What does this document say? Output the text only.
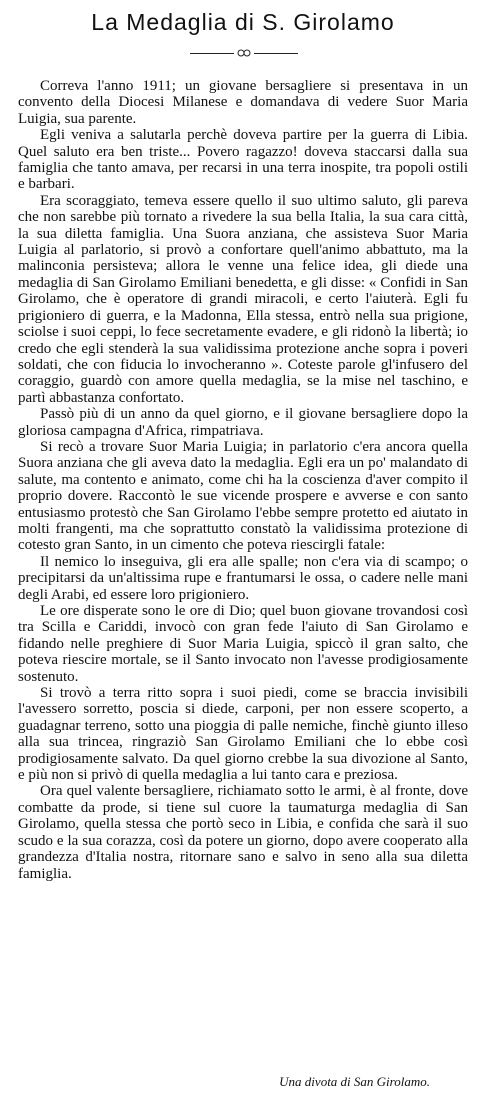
La Medaglia di S. Girolamo

Correva l'anno 1911; un giovane bersagliere si presentava in un convento della Diocesi Milanese e domandava di vedere Suor Maria Luigia, sua parente.

Egli veniva a salutarla perchè doveva partire per la guerra di Libia. Quel saluto era ben triste... Povero ragazzo! doveva staccarsi dalla sua famiglia che tanto amava, per recarsi in una terra inospite, tra popoli ostili e barbari.

Era scoraggiato, temeva essere quello il suo ultimo saluto, gli pareva che non sarebbe più tornato a rivedere la sua bella Italia, la sua cara città, la sua diletta famiglia. Una Suora anziana, che assisteva Suor Maria Luigia al parlatorio, si provò a confortare quell'animo abbattuto, ma la malinconia persisteva; allora le venne una felice idea, gli diede una medaglia di San Girolamo Emiliani benedetta, e gli disse: « Confidi in San Girolamo, che è operatore di grandi miracoli, e certo l'aiuterà. Egli fu prigioniero di guerra, e la Madonna, Ella stessa, entrò nella sua prigione, sciolse i suoi ceppi, lo fece secretamente evadere, e gli ridonò la libertà; io credo che egli stenderà la sua validissima protezione anche sopra i poveri soldati, che con fiducia lo invocheranno ». Coteste parole gl'infusero del coraggio, guardò con amore quella medaglia, se la mise nel taschino, e partì abbastanza confortato.

Passò più di un anno da quel giorno, e il giovane bersagliere dopo la gloriosa campagna d'Africa, rimpatriava.

Si recò a trovare Suor Maria Luigia; in parlatorio c'era ancora quella Suora anziana che gli aveva dato la medaglia. Egli era un po' malandato di salute, ma contento e animato, come chi ha la coscienza d'aver compito il proprio dovere. Raccontò le sue vicende prospere e avverse e con santo entusiasmo protestò che San Girolamo l'ebbe sempre protetto ed aiutato in molti frangenti, ma che soprattutto constatò la validissima protezione di cotesto gran Santo, in un cimento che poteva riescirgli fatale:

Il nemico lo inseguiva, gli era alle spalle; non c'era via di scampo; o precipitarsi da un'altissima rupe e frantumarsi le ossa, o cadere nelle mani degli Arabi, ed essere loro prigioniero.

Le ore disperate sono le ore di Dio; quel buon giovane trovandosi così tra Scilla e Cariddi, invocò con gran fede l'aiuto di San Girolamo e fidando nelle preghiere di Suor Maria Luigia, spiccò il gran salto, che poteva riescire mortale, se il Santo invocato non l'avesse prodigiosamente sostenuto.

Si trovò a terra ritto sopra i suoi piedi, come se braccia invisibili l'avessero sorretto, poscia si diede, carponi, per non essere scoperto, a guadagnar terreno, sotto una pioggia di palle nemiche, finchè giunto illeso alla sua trincea, ringraziò San Girolamo Emiliani che lo ebbe così prodigiosamente salvato. Da quel giorno crebbe la sua divozione al Santo, e più non si privò di quella medaglia a lui tanto cara e preziosa.

Ora quel valente bersagliere, richiamato sotto le armi, è al fronte, dove combatte da prode, si tiene sul cuore la taumaturga medaglia di San Girolamo, quella stessa che portò seco in Libia, e confida che sarà il suo scudo e la sua corazza, così da potere un giorno, dopo avere cooperato alla grandezza d'Italia nostra, ritornare sano e salvo in seno alla sua diletta famiglia.

Una divota di San Girolamo.
